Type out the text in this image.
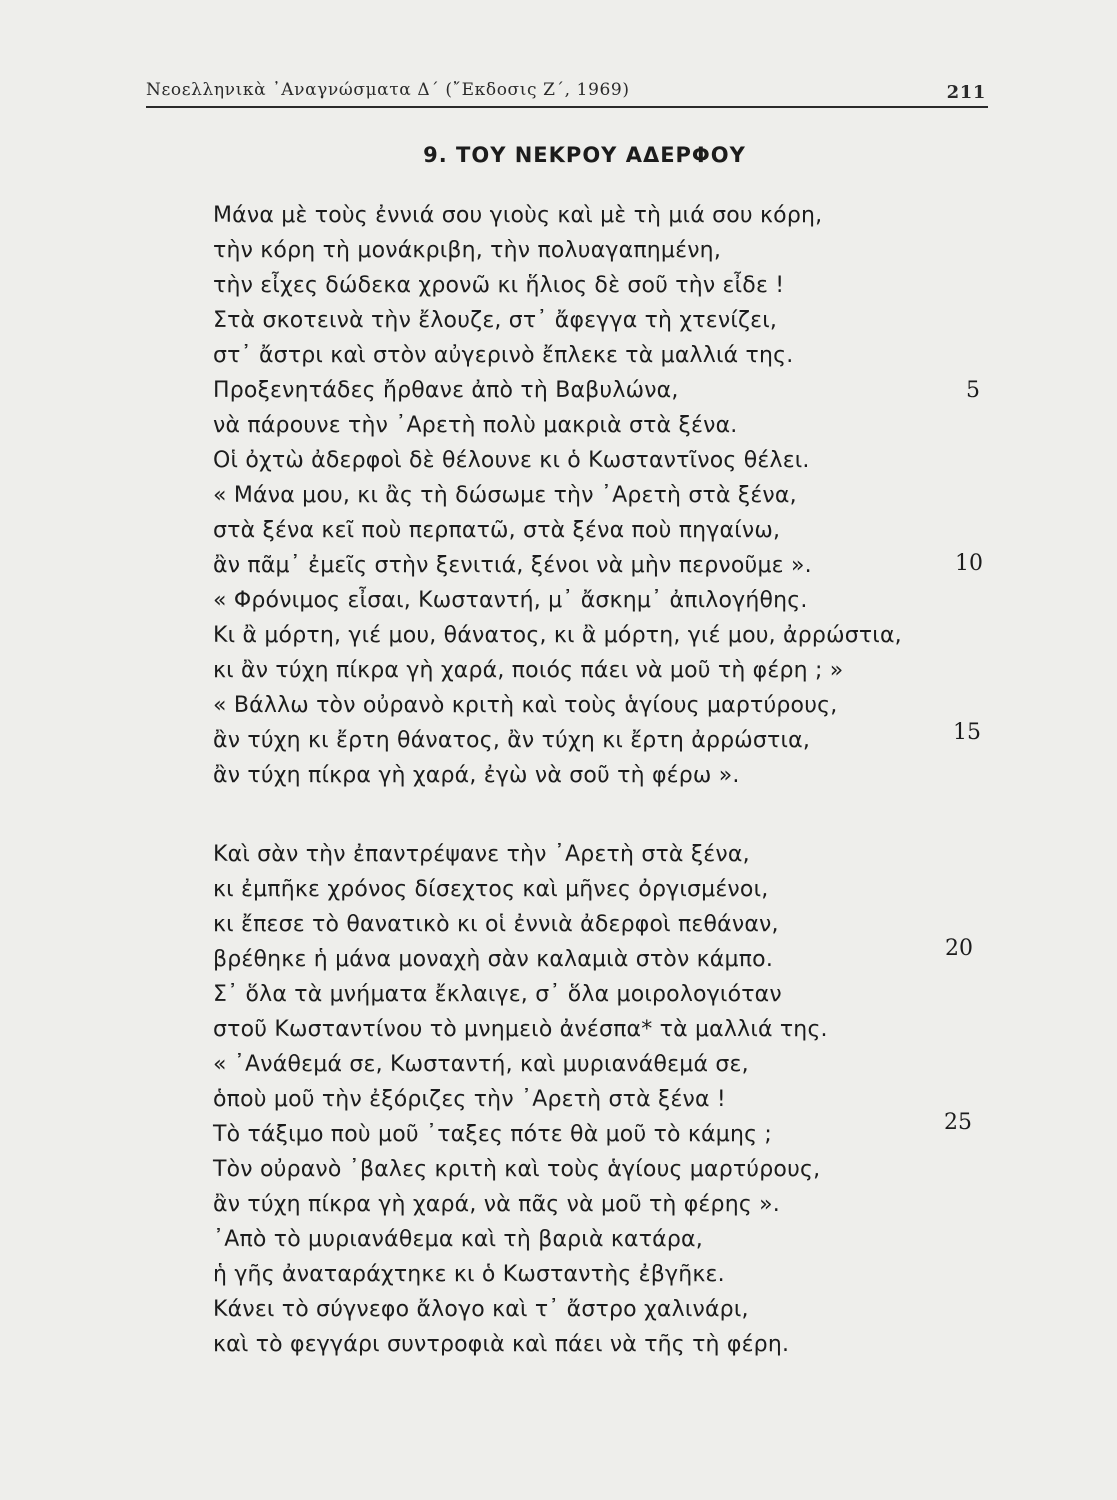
Νεοελληνικὰ ᾿Αναγνώσματα Δ΄ (῎Εκδοσις Ζ΄, 1969)	211
9. ΤΟΥ ΝΕΚΡΟΥ ΑΔΕΡΦΟΥ
Μάνα μὲ τοὺς ἐννιά σου γιοὺς καὶ μὲ τὴ μιά σου κόρη,
τὴν κόρη τὴ μονάκριβη, τὴν πολυαγαπημένη,
τὴν εἶχες δώδεκα χρονῶ κι ἥλιος δὲ σοῦ τὴν εἶδε !
Στὰ σκοτεινὰ τὴν ἔλουζε, στ᾿ ἄφεγγα τὴ χτενίζει,
στ᾿ ἄστρι καὶ στὸν αὐγερινὸ ἔπλεκε τὰ μαλλιά της.
Προξενητάδες ἤρθανε ἀπὸ τὴ Βαβυλώνα,
νὰ πάρουνε τὴν ᾿Αρετὴ πολὺ μακριὰ στὰ ξένα.
Οἱ ὀχτὼ ἀδερφοὶ δὲ θέλουνε κι ὁ Κωσταντῖνος θέλει.
« Μάνα μου, κι ἂς τὴ δώσωμε τὴν ᾿Αρετὴ στὰ ξένα,
στὰ ξένα κεῖ ποὺ περπατῶ, στὰ ξένα ποὺ πηγαίνω,
ἂν πᾶμ᾿ ἐμεῖς στὴν ξενιτιά, ξένοι νὰ μὴν περνοῦμε ».
« Φρόνιμος εἶσαι, Κωσταντή, μ᾿ ἄσκημ᾿ ἀπιλογήθης.
Κι ἂ μόρτη, γιέ μου, θάνατος, κι ἂ μόρτη, γιέ μου, ἀρρώστια,
κι ἂν τύχη πίκρα γὴ χαρά, ποιός πάει νὰ μοῦ τὴ φέρη ; »
« Βάλλω τὸν οὐρανὸ κριτὴ καὶ τοὺς ἁγίους μαρτύρους,
ἂν τύχη κι ἔρτη θάνατος, ἂν τύχη κι ἔρτη ἀρρώστια,
ἂν τύχη πίκρα γὴ χαρά, ἐγὼ νὰ σοῦ τὴ φέρω ».
Καὶ σὰν τὴν ἐπαντρέψανε τὴν ᾿Αρετὴ στὰ ξένα,
κι ἐμπῆκε χρόνος δίσεχτος καὶ μῆνες ὀργισμένοι,
κι ἔπεσε τὸ θανατικὸ κι οἱ ἐννιὰ ἀδερφοὶ πεθάναν,
βρέθηκε ἡ μάνα μοναχὴ σὰν καλαμιὰ στὸν κάμπο.
Σ᾿ ὅλα τὰ μνήματα ἔκλαιγε, σ᾿ ὅλα μοιρολογιόταν
στοῦ Κωσταντίνου τὸ μνημειὸ ἀνέσπα* τὰ μαλλιά της.
« ᾿Ανάθεμά σε, Κωσταντή, καὶ μυριανάθεμά σε,
ὁποὺ μοῦ τὴν ἐξόριζες τὴν ᾿Αρετὴ στὰ ξένα !
Τὸ τάξιμο ποὺ μοῦ ᾿ταξες πότε θὰ μοῦ τὸ κάμης ;
Τὸν οὐρανὸ ᾿βαλες κριτὴ καὶ τοὺς ἁγίους μαρτύρους,
ἂν τύχη πίκρα γὴ χαρά, νὰ πᾶς νὰ μοῦ τὴ φέρης ».
᾿Απὸ τὸ μυριανάθεμα καὶ τὴ βαριὰ κατάρα,
ἡ γῆς ἀναταράχτηκε κι ὁ Κωσταντὴς ἐβγῆκε.
Κάνει τὸ σύγνεφο ἄλογο καὶ τ᾿ ἄστρο χαλινάρι,
καὶ τὸ φεγγάρι συντροφιὰ καὶ πάει νὰ τῆς τὴ φέρη.
5
10
15
20
25
